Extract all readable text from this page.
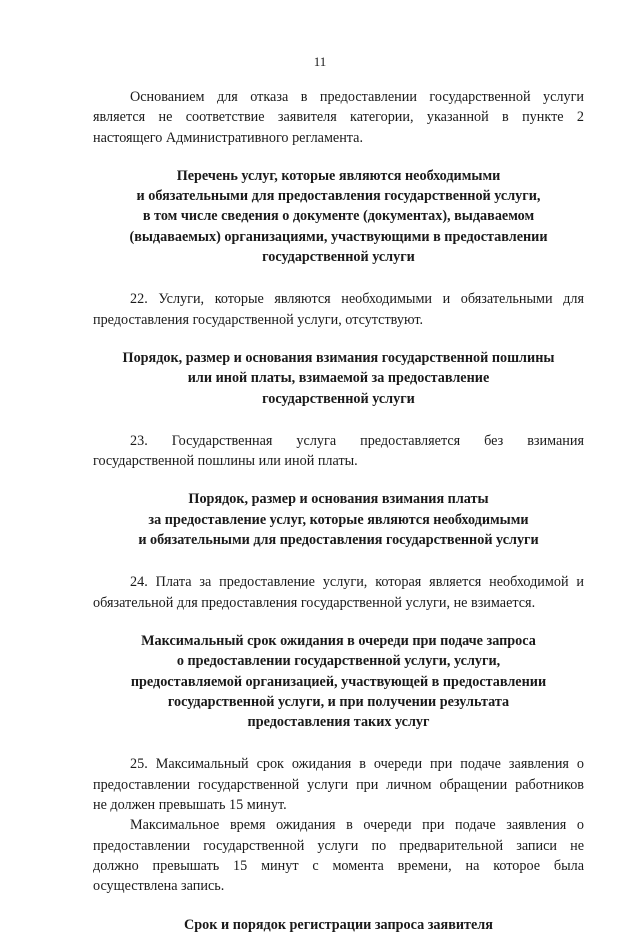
11
Основанием для отказа в предоставлении государственной услуги
является не соответствие заявителя категории, указанной в пункте 2
настоящего Административного регламента.
Перечень услуг, которые являются необходимыми
и обязательными для предоставления государственной услуги,
в том числе сведения о документе (документах), выдаваемом
(выдаваемых) организациями, участвующими в предоставлении
государственной услуги
22. Услуги, которые являются необходимыми и обязательными для
предоставления государственной услуги, отсутствуют.
Порядок, размер и основания взимания государственной пошлины
или иной платы, взимаемой за предоставление
государственной услуги
23. Государственная услуга предоставляется без взимания
государственной пошлины или иной платы.
Порядок, размер и основания взимания платы
за предоставление услуг, которые являются необходимыми
и обязательными для предоставления государственной услуги
24. Плата за предоставление услуги, которая является необходимой и
обязательной для предоставления государственной услуги, не взимается.
Максимальный срок ожидания в очереди при подаче запроса
о предоставлении государственной услуги, услуги,
предоставляемой организацией, участвующей в предоставлении
государственной услуги, и при получении результата
предоставления таких услуг
25. Максимальный срок ожидания в очереди при подаче заявления о
предоставлении государственной услуги при личном обращении работников
не должен превышать 15 минут.
Максимальное время ожидания в очереди при подаче заявления о
предоставлении государственной услуги по предварительной записи не
должно превышать 15 минут с момента времени, на которое была
осуществлена запись.
Срок и порядок регистрации запроса заявителя
